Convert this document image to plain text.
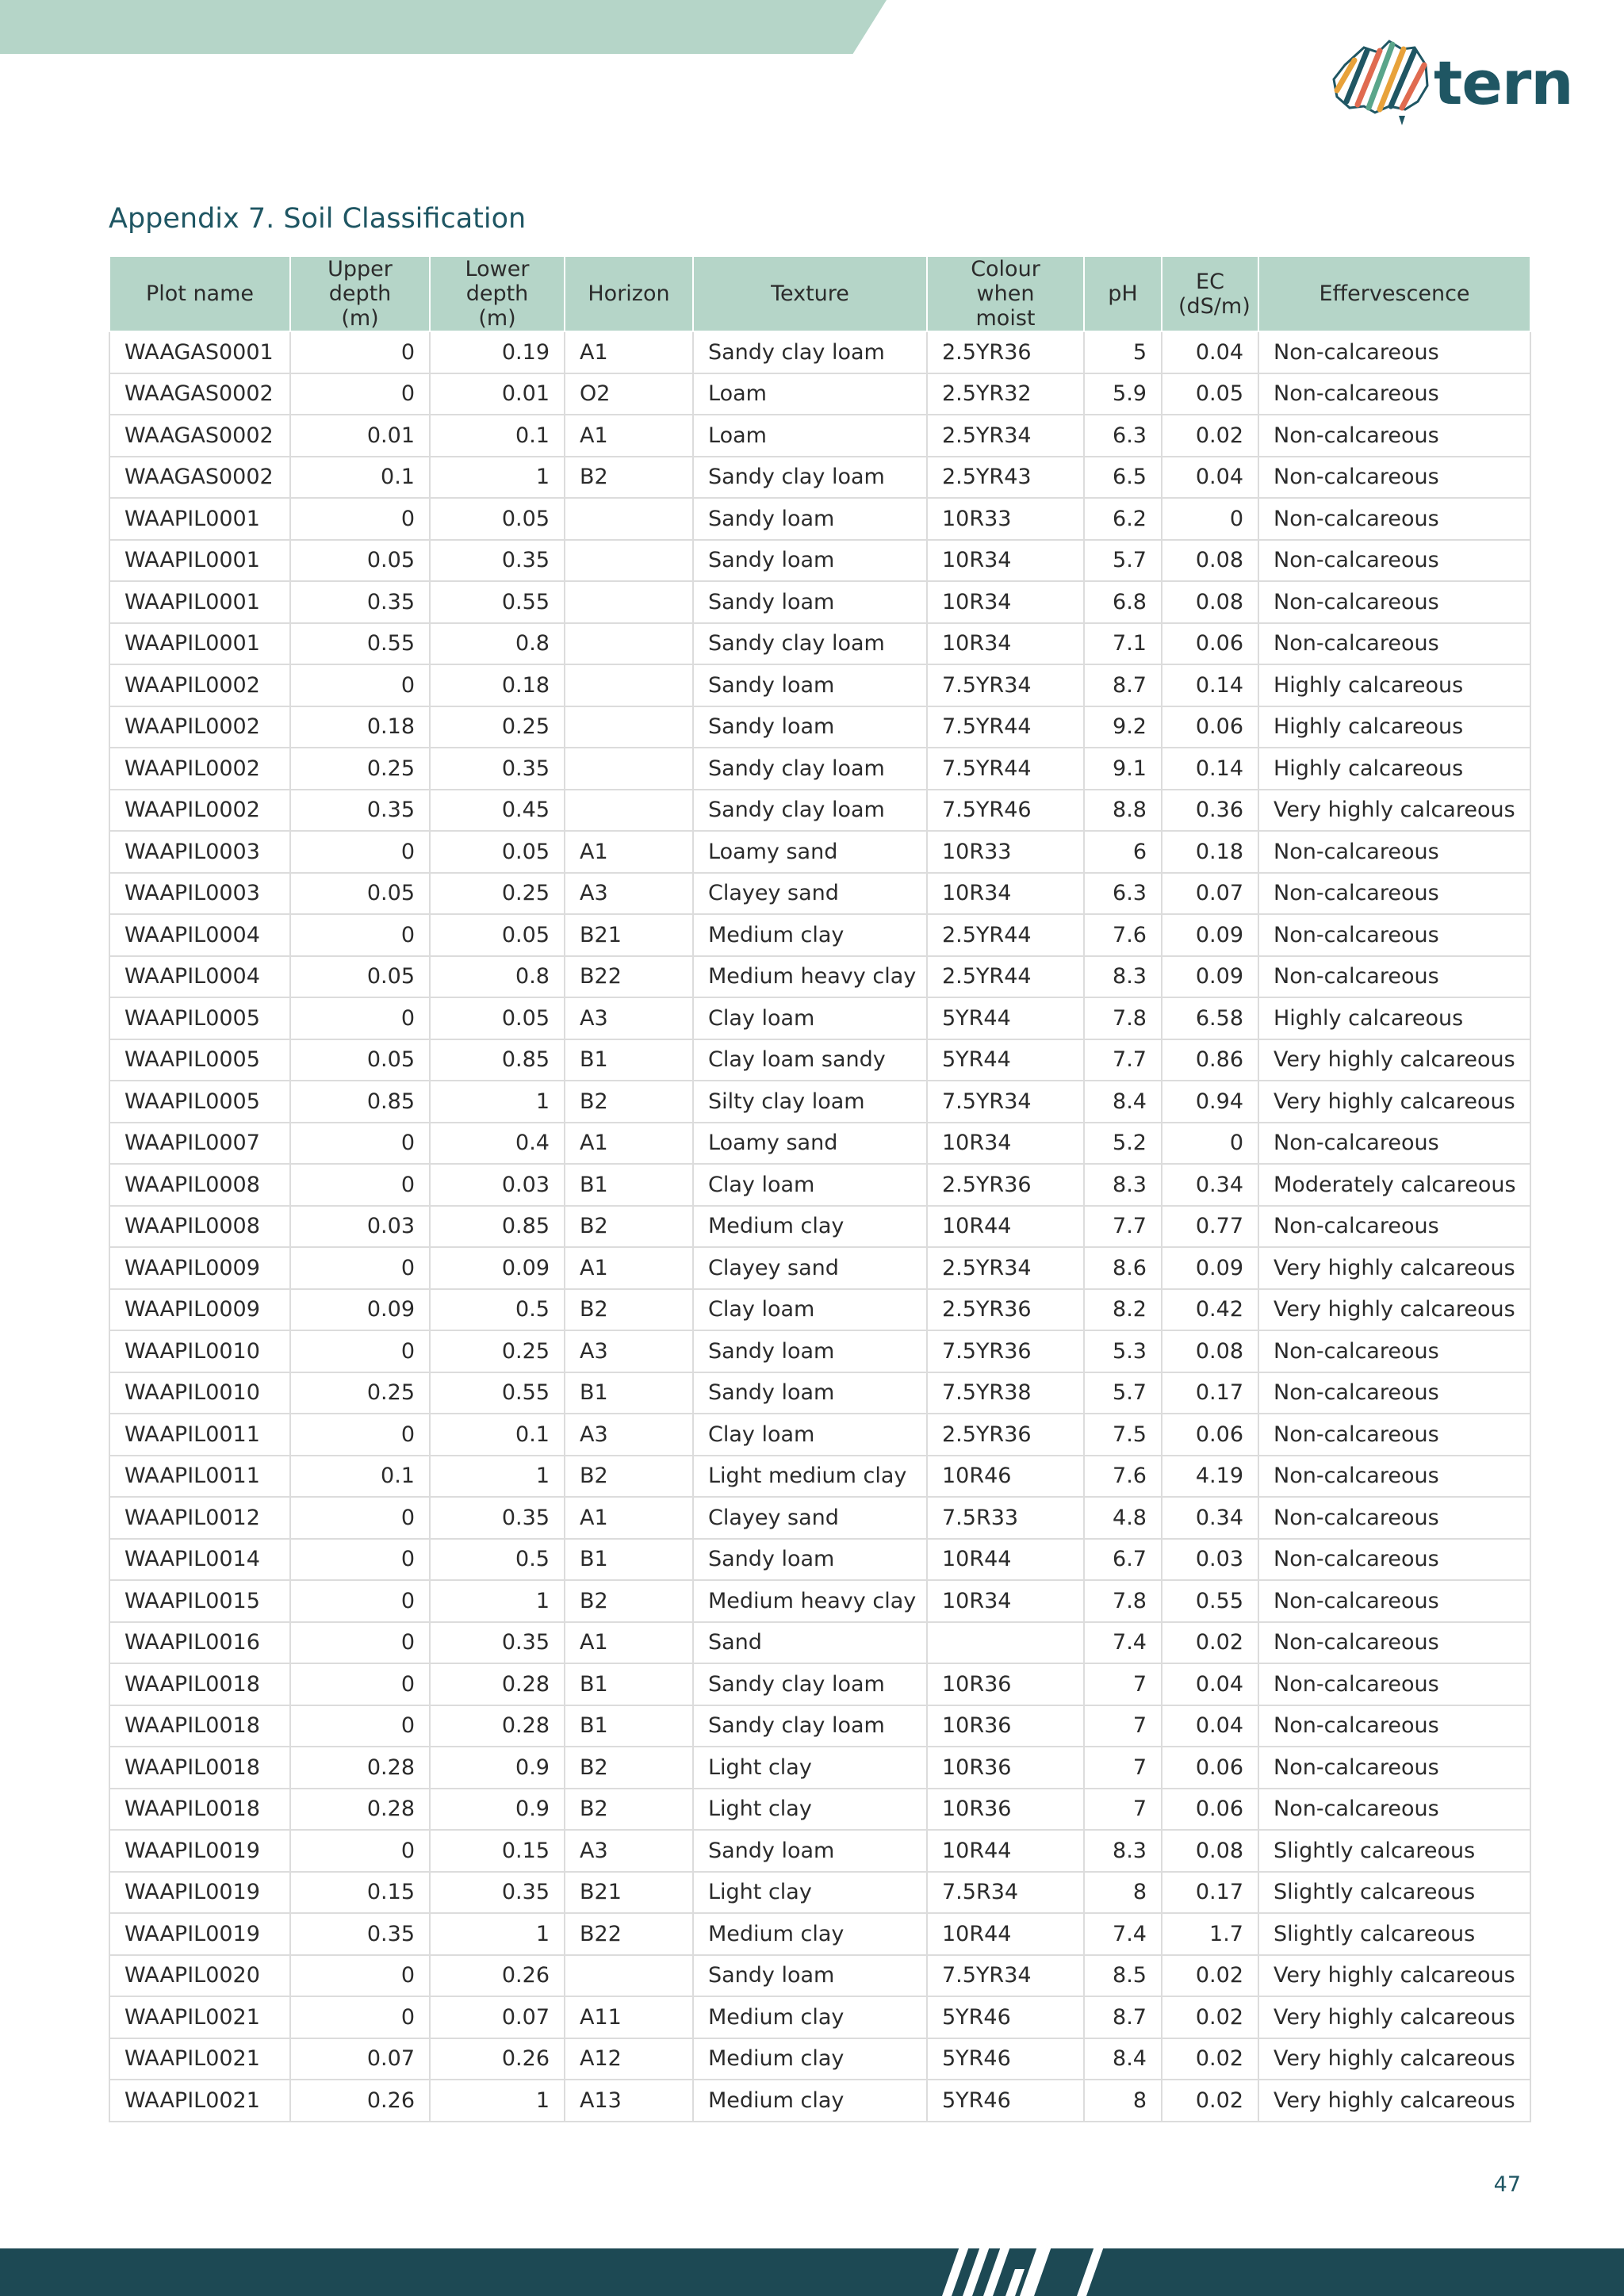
tern
Appendix 7. Soil Classification
Plot name	Upper depth (m)	Lower depth (m)	Horizon	Texture	Colour when moist	pH	EC (dS/m)	Effervescence
WAAGAS0001	0	0.19	A1	Sandy clay loam	2.5YR36	5	0.04	Non-calcareous
WAAGAS0002	0	0.01	O2	Loam	2.5YR32	5.9	0.05	Non-calcareous
WAAGAS0002	0.01	0.1	A1	Loam	2.5YR34	6.3	0.02	Non-calcareous
WAAGAS0002	0.1	1	B2	Sandy clay loam	2.5YR43	6.5	0.04	Non-calcareous
WAAPIL0001	0	0.05		Sandy loam	10R33	6.2	0	Non-calcareous
WAAPIL0001	0.05	0.35		Sandy loam	10R34	5.7	0.08	Non-calcareous
WAAPIL0001	0.35	0.55		Sandy loam	10R34	6.8	0.08	Non-calcareous
WAAPIL0001	0.55	0.8		Sandy clay loam	10R34	7.1	0.06	Non-calcareous
WAAPIL0002	0	0.18		Sandy loam	7.5YR34	8.7	0.14	Highly calcareous
WAAPIL0002	0.18	0.25		Sandy loam	7.5YR44	9.2	0.06	Highly calcareous
WAAPIL0002	0.25	0.35		Sandy clay loam	7.5YR44	9.1	0.14	Highly calcareous
WAAPIL0002	0.35	0.45		Sandy clay loam	7.5YR46	8.8	0.36	Very highly calcareous
WAAPIL0003	0	0.05	A1	Loamy sand	10R33	6	0.18	Non-calcareous
WAAPIL0003	0.05	0.25	A3	Clayey sand	10R34	6.3	0.07	Non-calcareous
WAAPIL0004	0	0.05	B21	Medium clay	2.5YR44	7.6	0.09	Non-calcareous
WAAPIL0004	0.05	0.8	B22	Medium heavy clay	2.5YR44	8.3	0.09	Non-calcareous
WAAPIL0005	0	0.05	A3	Clay loam	5YR44	7.8	6.58	Highly calcareous
WAAPIL0005	0.05	0.85	B1	Clay loam sandy	5YR44	7.7	0.86	Very highly calcareous
WAAPIL0005	0.85	1	B2	Silty clay loam	7.5YR34	8.4	0.94	Very highly calcareous
WAAPIL0007	0	0.4	A1	Loamy sand	10R34	5.2	0	Non-calcareous
WAAPIL0008	0	0.03	B1	Clay loam	2.5YR36	8.3	0.34	Moderately calcareous
WAAPIL0008	0.03	0.85	B2	Medium clay	10R44	7.7	0.77	Non-calcareous
WAAPIL0009	0	0.09	A1	Clayey sand	2.5YR34	8.6	0.09	Very highly calcareous
WAAPIL0009	0.09	0.5	B2	Clay loam	2.5YR36	8.2	0.42	Very highly calcareous
WAAPIL0010	0	0.25	A3	Sandy loam	7.5YR36	5.3	0.08	Non-calcareous
WAAPIL0010	0.25	0.55	B1	Sandy loam	7.5YR38	5.7	0.17	Non-calcareous
WAAPIL0011	0	0.1	A3	Clay loam	2.5YR36	7.5	0.06	Non-calcareous
WAAPIL0011	0.1	1	B2	Light medium clay	10R46	7.6	4.19	Non-calcareous
WAAPIL0012	0	0.35	A1	Clayey sand	7.5R33	4.8	0.34	Non-calcareous
WAAPIL0014	0	0.5	B1	Sandy loam	10R44	6.7	0.03	Non-calcareous
WAAPIL0015	0	1	B2	Medium heavy clay	10R34	7.8	0.55	Non-calcareous
WAAPIL0016	0	0.35	A1	Sand		7.4	0.02	Non-calcareous
WAAPIL0018	0	0.28	B1	Sandy clay loam	10R36	7	0.04	Non-calcareous
WAAPIL0018	0	0.28	B1	Sandy clay loam	10R36	7	0.04	Non-calcareous
WAAPIL0018	0.28	0.9	B2	Light clay	10R36	7	0.06	Non-calcareous
WAAPIL0018	0.28	0.9	B2	Light clay	10R36	7	0.06	Non-calcareous
WAAPIL0019	0	0.15	A3	Sandy loam	10R44	8.3	0.08	Slightly calcareous
WAAPIL0019	0.15	0.35	B21	Light clay	7.5R34	8	0.17	Slightly calcareous
WAAPIL0019	0.35	1	B22	Medium clay	10R44	7.4	1.7	Slightly calcareous
WAAPIL0020	0	0.26		Sandy loam	7.5YR34	8.5	0.02	Very highly calcareous
WAAPIL0021	0	0.07	A11	Medium clay	5YR46	8.7	0.02	Very highly calcareous
WAAPIL0021	0.07	0.26	A12	Medium clay	5YR46	8.4	0.02	Very highly calcareous
WAAPIL0021	0.26	1	A13	Medium clay	5YR46	8	0.02	Very highly calcareous
47
